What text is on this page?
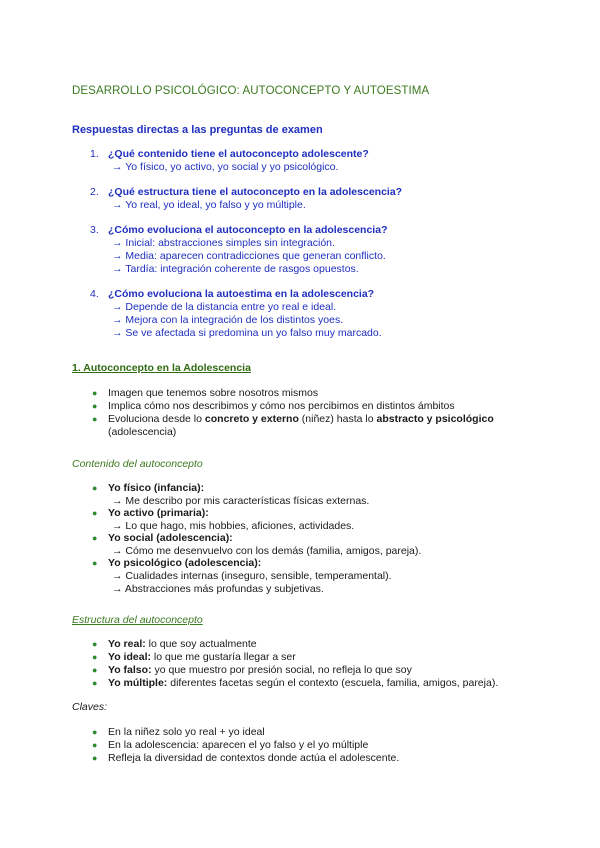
DESARROLLO PSICOLÓGICO: AUTOCONCEPTO Y AUTOESTIMA
Respuestas directas a las preguntas de examen
1. ¿Qué contenido tiene el autoconcepto adolescente?
→ Yo físico, yo activo, yo social y yo psicológico.
2. ¿Qué estructura tiene el autoconcepto en la adolescencia?
→ Yo real, yo ideal, yo falso y yo múltiple.
3. ¿Cómo evoluciona el autoconcepto en la adolescencia?
→ Inicial: abstracciones simples sin integración.
→ Media: aparecen contradicciones que generan conflicto.
→ Tardía: integración coherente de rasgos opuestos.
4. ¿Cómo evoluciona la autoestima en la adolescencia?
→ Depende de la distancia entre yo real e ideal.
→ Mejora con la integración de los distintos yoes.
→ Se ve afectada si predomina un yo falso muy marcado.
1. Autoconcepto en la Adolescencia
● Imagen que tenemos sobre nosotros mismos
● Implica cómo nos describimos y cómo nos percibimos en distintos ámbitos
● Evoluciona desde lo concreto y externo (niñez) hasta lo abstracto y psicológico
(adolescencia)
Contenido del autoconcepto
● Yo físico (infancia):
→ Me describo por mis características físicas externas.
● Yo activo (primaria):
→ Lo que hago, mis hobbies, aficiones, actividades.
● Yo social (adolescencia):
→ Cómo me desenvuelvo con los demás (familia, amigos, pareja).
● Yo psicológico (adolescencia):
→ Cualidades internas (inseguro, sensible, temperamental).
→ Abstracciones más profundas y subjetivas.
Estructura del autoconcepto
● Yo real: lo que soy actualmente
● Yo ideal: lo que me gustaría llegar a ser
● Yo falso: yo que muestro por presión social, no refleja lo que soy
● Yo múltiple: diferentes facetas según el contexto (escuela, familia, amigos, pareja).
Claves:
● En la niñez solo yo real + yo ideal
● En la adolescencia: aparecen el yo falso y el yo múltiple
● Refleja la diversidad de contextos donde actúa el adolescente.
